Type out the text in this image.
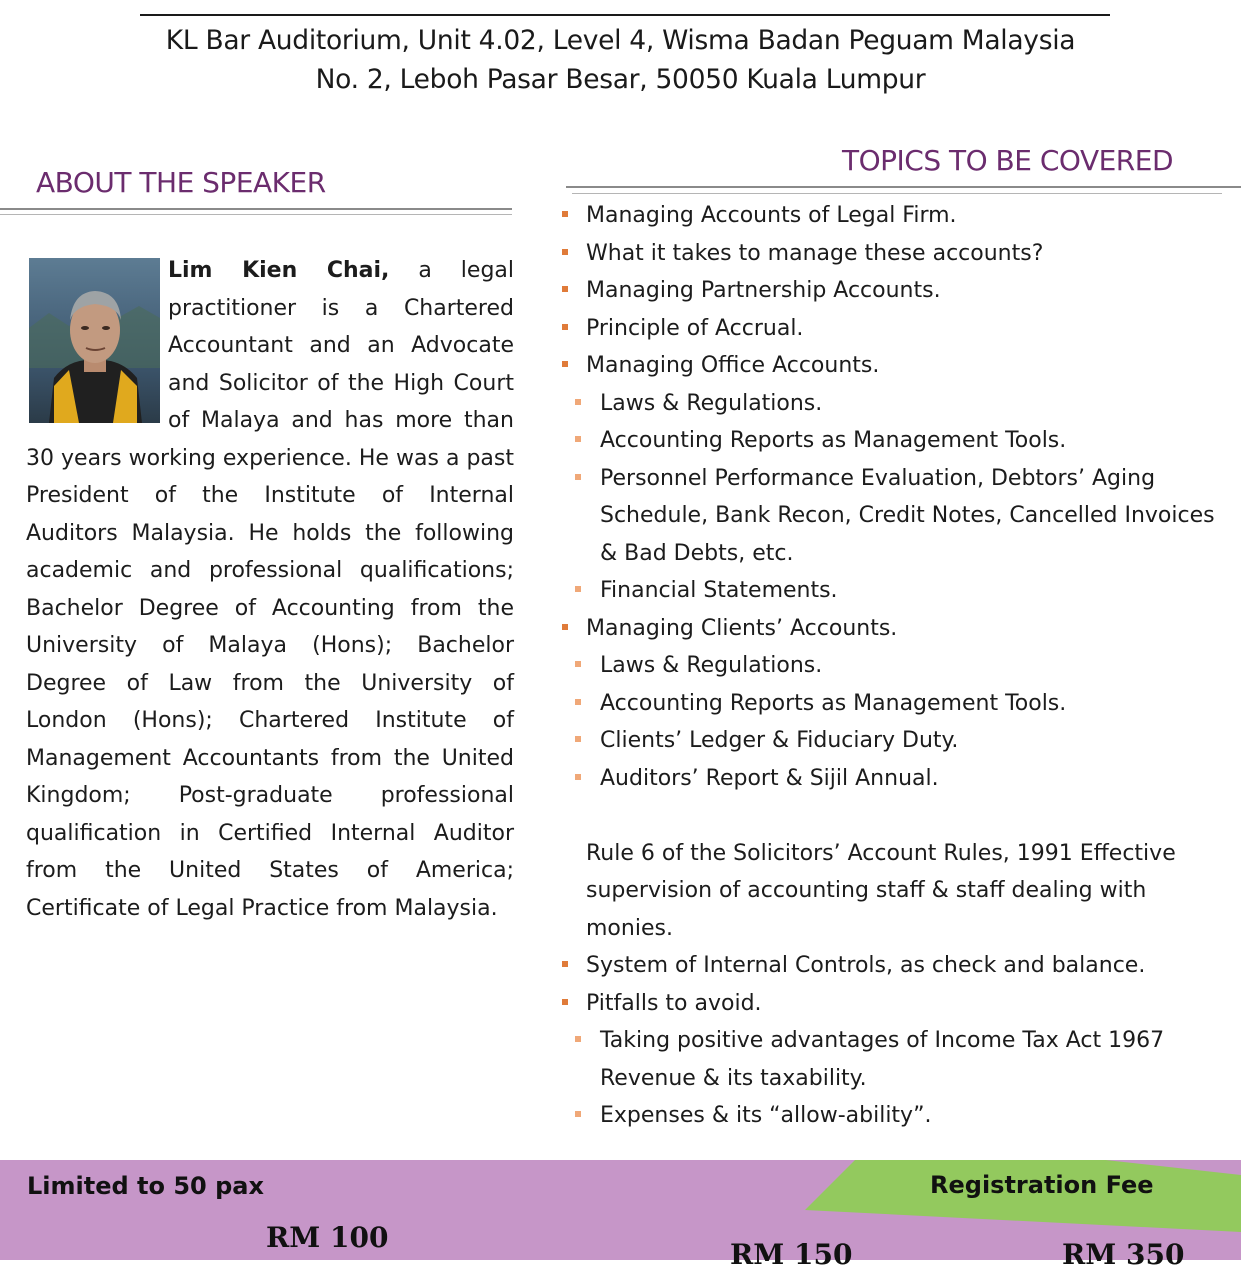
KL Bar Auditorium, Unit 4.02, Level 4, Wisma Badan Peguam Malaysia
No. 2, Leboh Pasar Besar, 50050 Kuala Lumpur
ABOUT THE SPEAKER
TOPICS TO BE COVERED
Lim Kien Chai, a legal practitioner is a Chartered Accountant and an Advocate and Solicitor of the High Court of Malaya and has more than 30 years working experience. He was a past President of the Institute of Internal Auditors Malaysia. He holds the following academic and professional qualifications; Bachelor Degree of Accounting from the University of Malaya (Hons); Bachelor Degree of Law from the University of London (Hons); Chartered Institute of Management Accountants from the United Kingdom; Post-graduate professional qualification in Certified Internal Auditor from the United States of America; Certificate of Legal Practice from Malaysia.
Managing Accounts of Legal Firm.
What it takes to manage these accounts?
Managing Partnership Accounts.
Principle of Accrual.
Managing Office Accounts.
Laws & Regulations.
Accounting Reports as Management Tools.
Personnel Performance Evaluation, Debtors’ Aging Schedule, Bank Recon, Credit Notes, Cancelled Invoices & Bad Debts, etc.
Financial Statements.
Managing Clients’ Accounts.
Laws & Regulations.
Accounting Reports as Management Tools.
Clients’ Ledger & Fiduciary Duty.
Auditors’ Report & Sijil Annual.
Rule 6 of the Solicitors’ Account Rules, 1991 Effective supervision of accounting staff & staff dealing with monies.
System of Internal Controls, as check and balance.
Pitfalls to avoid.
Taking positive advantages of Income Tax Act 1967 Revenue & its taxability.
Expenses & its “allow-ability”.
Limited to 50 pax	Registration Fee
RM 100
RM 150	RM 350
